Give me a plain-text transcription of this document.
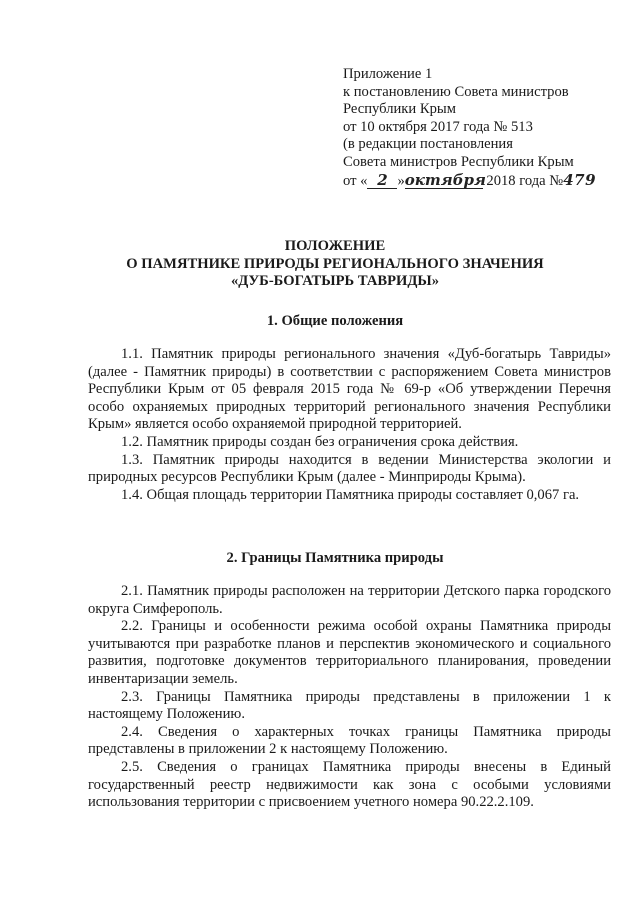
Приложение 1
к постановлению Совета министров
Республики Крым
от 10 октября 2017 года № 513
(в редакции постановления
Совета министров Республики Крым
от « 2 »октября 2018 года №479
ПОЛОЖЕНИЕ
О ПАМЯТНИКЕ ПРИРОДЫ РЕГИОНАЛЬНОГО ЗНАЧЕНИЯ
«ДУБ-БОГАТЫРЬ ТАВРИДЫ»
1. Общие положения

1.1. Памятник природы регионального значения «Дуб-богатырь Тавриды» (далее - Памятник природы) в соответствии с распоряжением Совета министров Республики Крым от 05 февраля 2015 года № 69-р «Об утверждении Перечня особо охраняемых природных территорий регионального значения Республики Крым» является особо охраняемой природной территорией.

1.2. Памятник природы создан без ограничения срока действия.

1.3. Памятник природы находится в ведении Министерства экологии и природных ресурсов Республики Крым (далее - Минприроды Крыма).

1.4. Общая площадь территории Памятника природы составляет 0,067 га.

2. Границы Памятника природы

2.1. Памятник природы расположен на территории Детского парка городского округа Симферополь.

2.2. Границы и особенности режима особой охраны Памятника природы учитываются при разработке планов и перспектив экономического и социального развития, подготовке документов территориального планирования, проведении инвентаризации земель.

2.3. Границы Памятника природы представлены в приложении 1 к настоящему Положению.

2.4. Сведения о характерных точках границы Памятника природы представлены в приложении 2 к настоящему Положению.

2.5. Сведения о границах Памятника природы внесены в Единый государственный реестр недвижимости как зона с особыми условиями использования территории с присвоением учетного номера 90.22.2.109.
